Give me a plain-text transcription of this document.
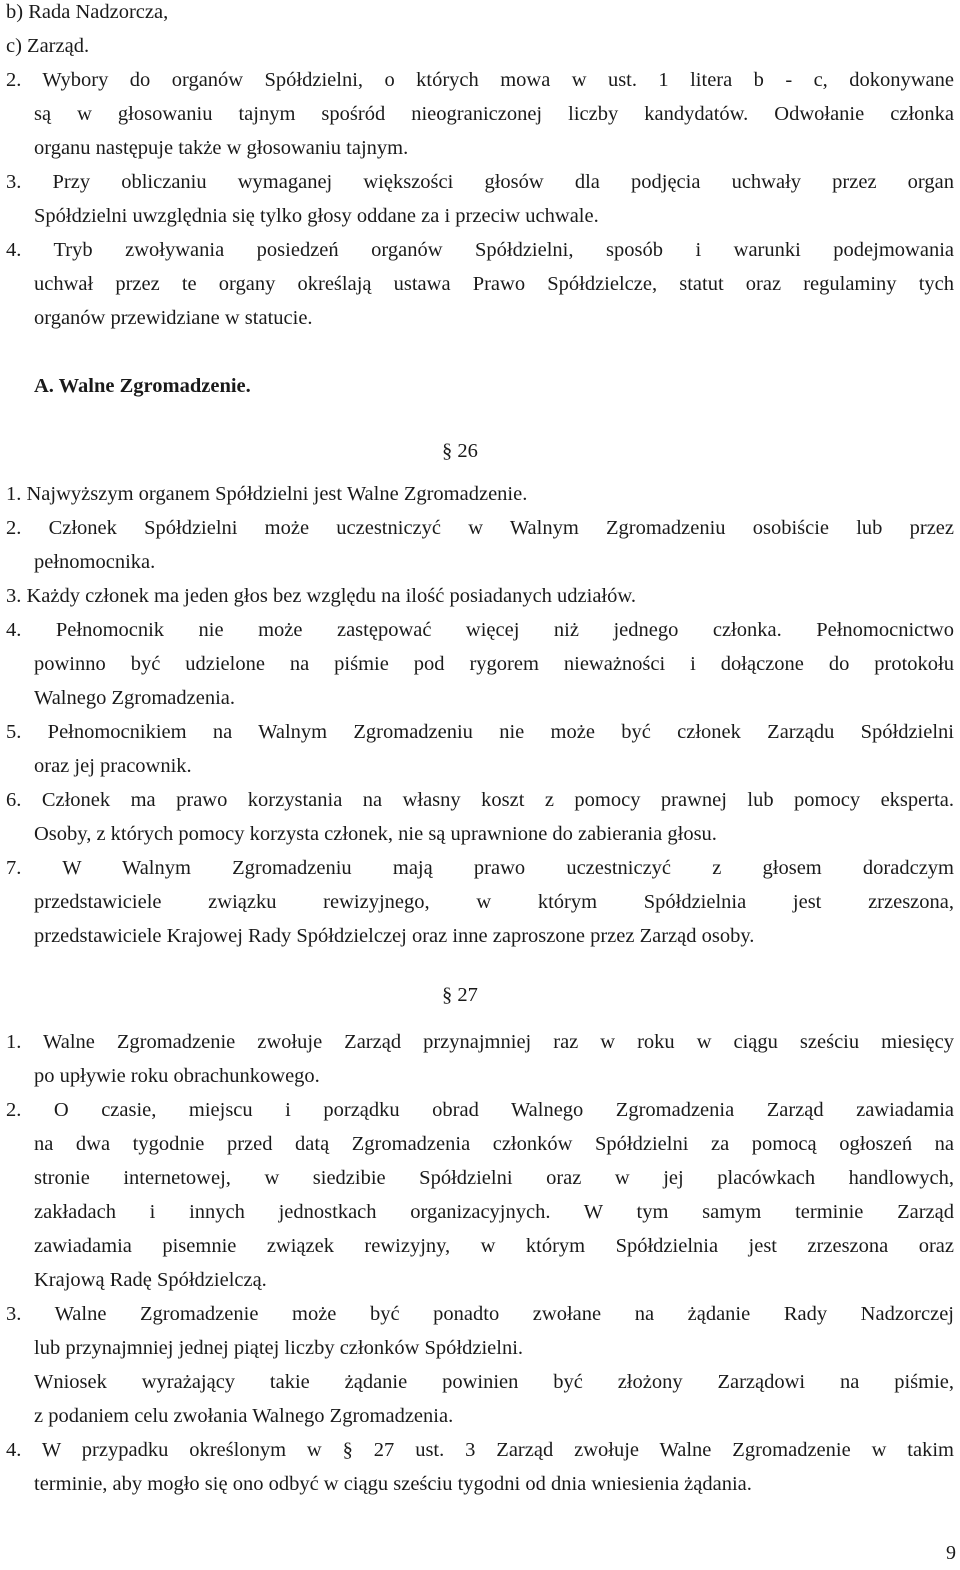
b) Rada Nadzorcza,
c) Zarząd.
2. Wybory do organów Spółdzielni, o których mowa w ust. 1 litera b - c, dokonywane
są w głosowaniu tajnym spośród nieograniczonej liczby kandydatów. Odwołanie członka
organu następuje także w głosowaniu tajnym.
3. Przy obliczaniu wymaganej większości głosów dla podjęcia uchwały przez organ
Spółdzielni uwzględnia się tylko głosy oddane za i przeciw uchwale.
4. Tryb zwoływania posiedzeń organów Spółdzielni, sposób i warunki podejmowania
uchwał przez te organy określają ustawa Prawo Spółdzielcze, statut oraz regulaminy tych
organów przewidziane w statucie.
A. Walne Zgromadzenie.
§ 26
1. Najwyższym organem Spółdzielni jest Walne Zgromadzenie.
2. Członek Spółdzielni może uczestniczyć w Walnym Zgromadzeniu osobiście lub przez
pełnomocnika.
3. Każdy członek ma jeden głos bez względu na ilość posiadanych udziałów.
4. Pełnomocnik nie może zastępować więcej niż jednego członka. Pełnomocnictwo
powinno być udzielone na piśmie pod rygorem nieważności i dołączone do protokołu
Walnego Zgromadzenia.
5. Pełnomocnikiem na Walnym Zgromadzeniu nie może być członek Zarządu Spółdzielni
oraz jej pracownik.
6. Członek ma prawo korzystania na własny koszt z pomocy prawnej lub pomocy eksperta.
Osoby, z których pomocy korzysta członek, nie są uprawnione do zabierania głosu.
7. W Walnym Zgromadzeniu mają prawo uczestniczyć z głosem doradczym
przedstawiciele związku rewizyjnego, w którym Spółdzielnia jest zrzeszona,
przedstawiciele Krajowej Rady Spółdzielczej oraz inne zaproszone przez Zarząd osoby.
§ 27
1. Walne Zgromadzenie zwołuje Zarząd przynajmniej raz w roku w ciągu sześciu miesięcy
po upływie roku obrachunkowego.
2. O czasie, miejscu i porządku obrad Walnego Zgromadzenia Zarząd zawiadamia
na dwa tygodnie przed datą Zgromadzenia członków Spółdzielni za pomocą ogłoszeń na
stronie internetowej, w siedzibie Spółdzielni oraz w jej placówkach handlowych,
zakładach i innych jednostkach organizacyjnych. W tym samym terminie Zarząd
zawiadamia pisemnie związek rewizyjny, w którym Spółdzielnia jest zrzeszona oraz
Krajową Radę Spółdzielczą.
3. Walne Zgromadzenie może być ponadto zwołane na żądanie Rady Nadzorczej
lub przynajmniej jednej piątej liczby członków Spółdzielni.
Wniosek wyrażający takie żądanie powinien być złożony Zarządowi na piśmie,
z podaniem celu zwołania Walnego Zgromadzenia.
4. W przypadku określonym w § 27 ust. 3 Zarząd zwołuje Walne Zgromadzenie w takim
terminie, aby mogło się ono odbyć w ciągu sześciu tygodni od dnia wniesienia żądania.
9
